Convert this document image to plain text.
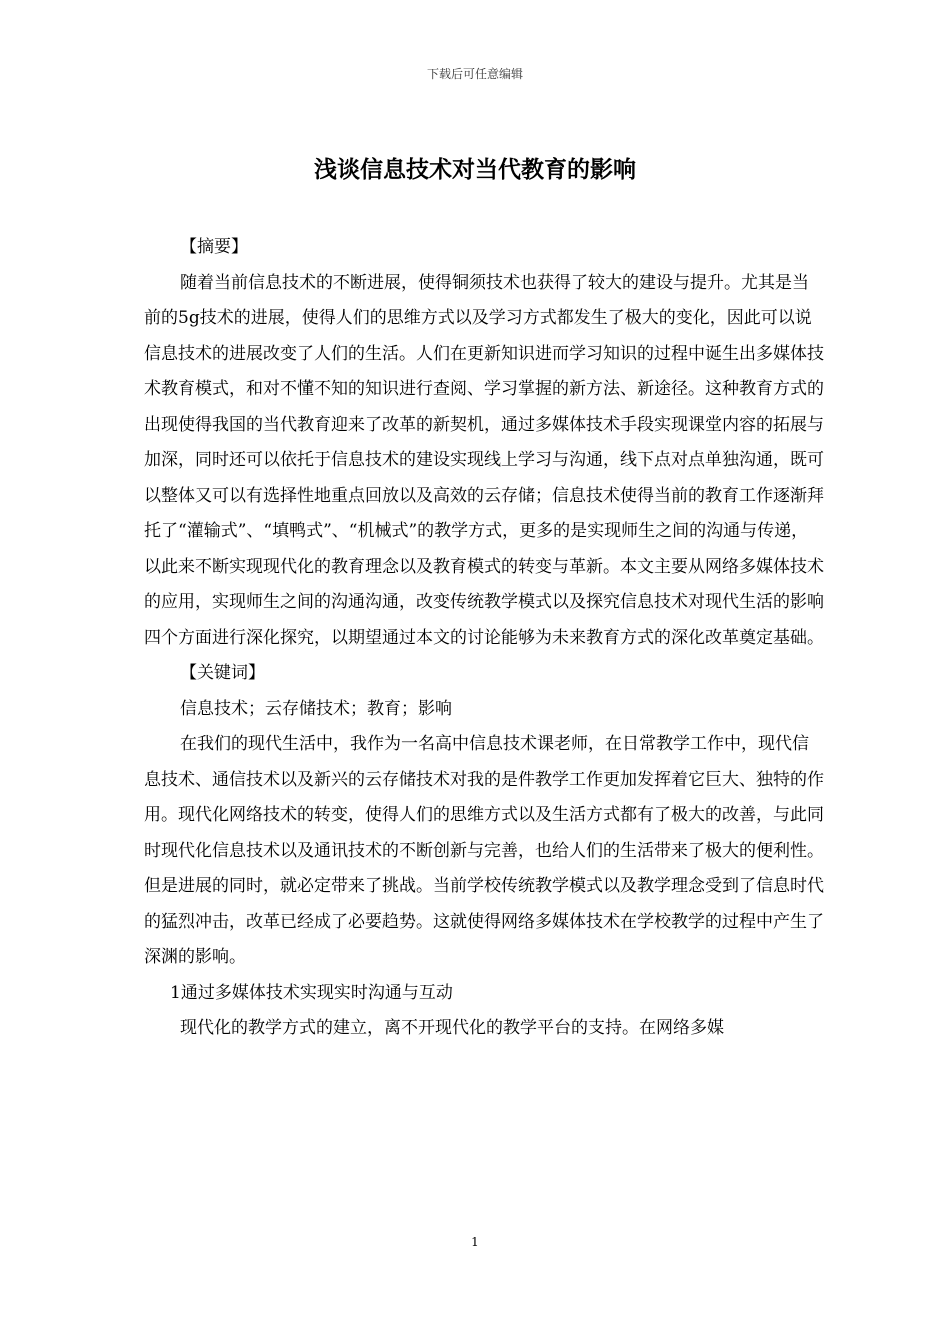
下载后可任意编辑
浅谈信息技术对当代教育的影响

【摘要】

随着当前信息技术的不断进展，使得铜须技术也获得了较大的建设与提升。尤其是当前的5g技术的进展，使得人们的思维方式以及学习方式都发生了极大的变化，因此可以说信息技术的进展改变了人们的生活。人们在更新知识进而学习知识的过程中诞生出多媒体技术教育模式，和对不懂不知的知识进行查阅、学习掌握的新方法、新途径。这种教育方式的出现使得我国的当代教育迎来了改革的新契机，通过多媒体技术手段实现课堂内容的拓展与加深，同时还可以依托于信息技术的建设实现线上学习与沟通，线下点对点单独沟通，既可以整体又可以有选择性地重点回放以及高效的云存储；信息技术使得当前的教育工作逐渐拜托了“灌输式”、“填鸭式”、“机械式”的教学方式，更多的是实现师生之间的沟通与传递，以此来不断实现现代化的教育理念以及教育模式的转变与革新。本文主要从网络多媒体技术的应用，实现师生之间的沟通沟通，改变传统教学模式以及探究信息技术对现代生活的影响四个方面进行深化探究，以期望通过本文的讨论能够为未来教育方式的深化改革奠定基础。

【关键词】

信息技术；云存储技术；教育；影响

在我们的现代生活中，我作为一名高中信息技术课老师，在日常教学工作中，现代信息技术、通信技术以及新兴的云存储技术对我的是件教学工作更加发挥着它巨大、独特的作用。现代化网络技术的转变，使得人们的思维方式以及生活方式都有了极大的改善，与此同时现代化信息技术以及通讯技术的不断创新与完善，也给人们的生活带来了极大的便利性。但是进展的同时，就必定带来了挑战。当前学校传统教学模式以及教学理念受到了信息时代的猛烈冲击，改革已经成了必要趋势。这就使得网络多媒体技术在学校教学的过程中产生了深渊的影响。

1通过多媒体技术实现实时沟通与互动

现代化的教学方式的建立，离不开现代化的教学平台的支持。在网络多媒

1
